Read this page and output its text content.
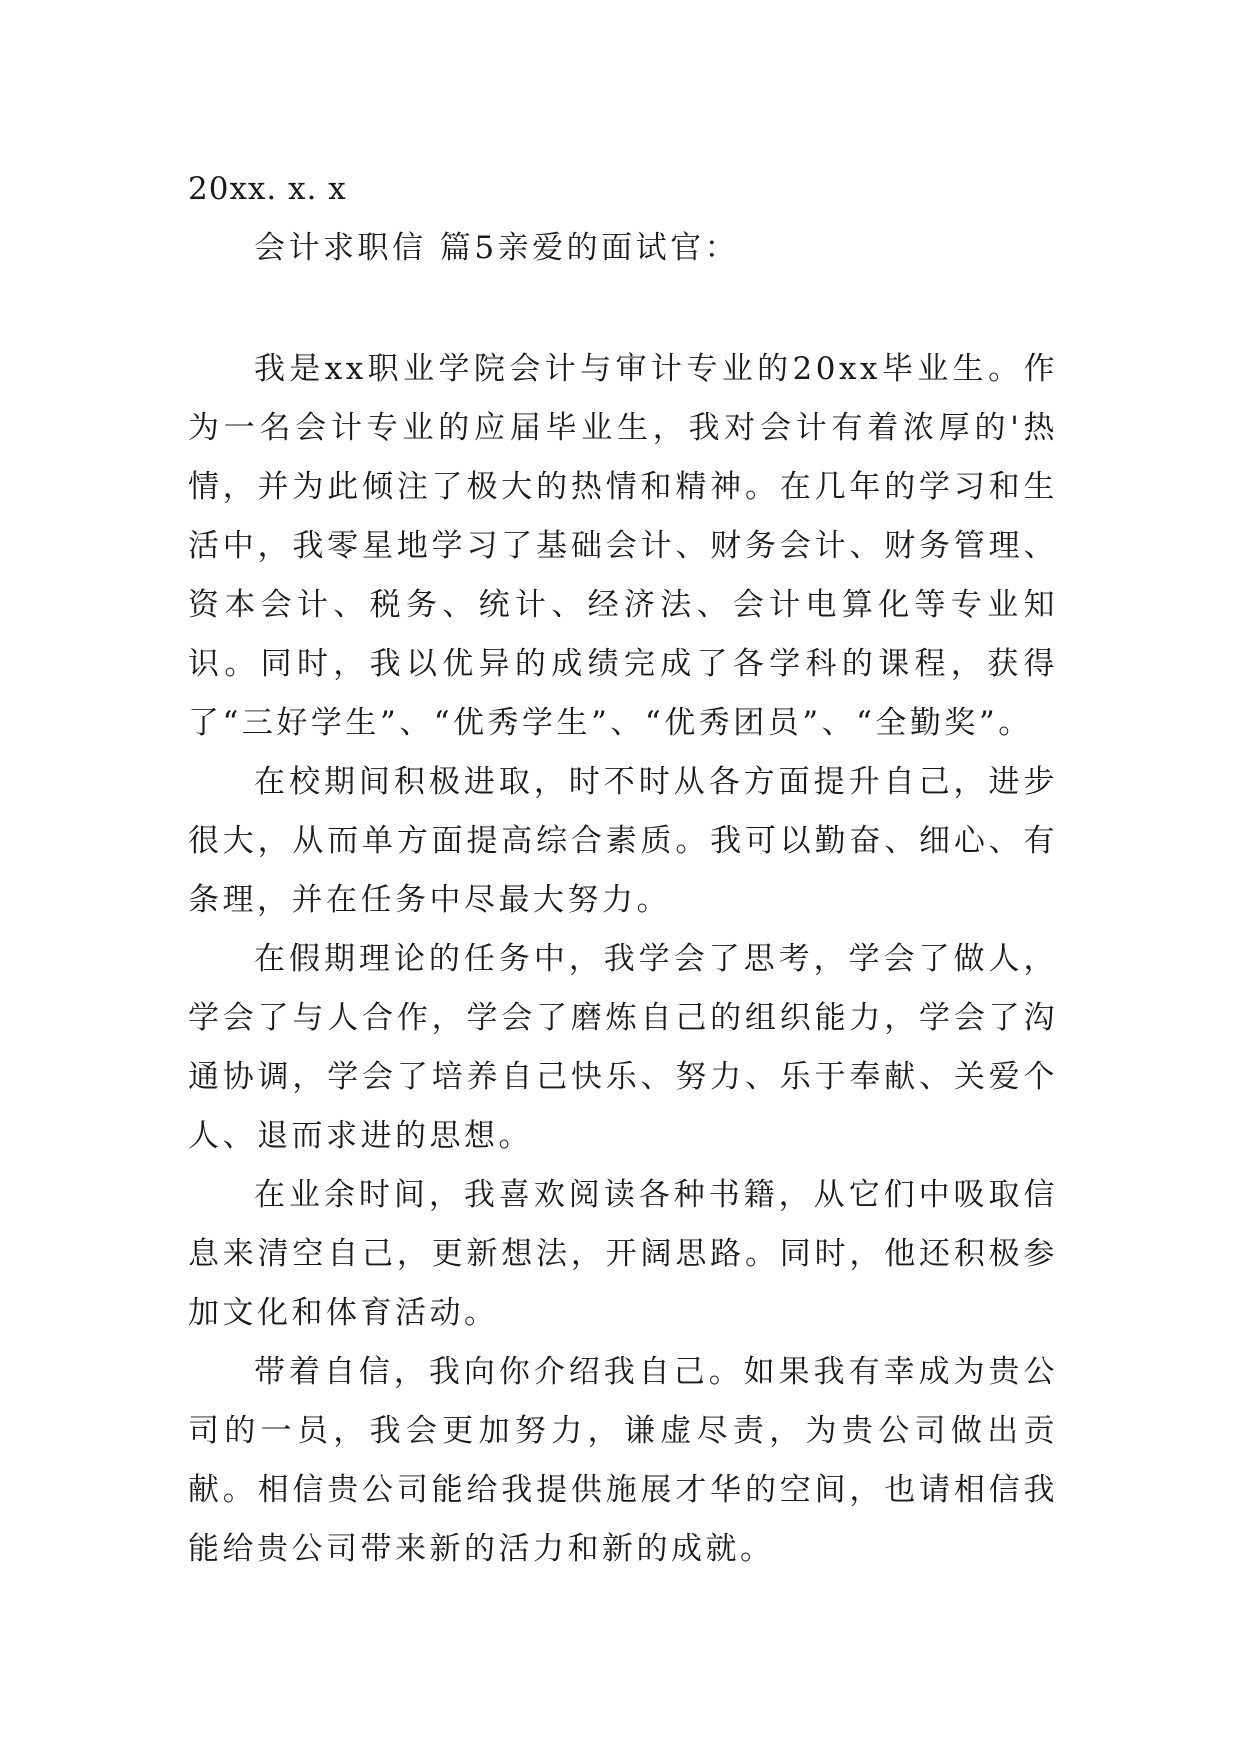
20xx. x. x

会计求职信 篇5亲爱的面试官：

我是xx职业学院会计与审计专业的20xx毕业生。作为一名会计专业的应届毕业生，我对会计有着浓厚的'热情，并为此倾注了极大的热情和精神。在几年的学习和生活中，我零星地学习了基础会计、财务会计、财务管理、资本会计、税务、统计、经济法、会计电算化等专业知识。同时，我以优异的成绩完成了各学科的课程，获得了“三好学生”、“优秀学生”、“优秀团员”、“全勤奖”。

在校期间积极进取，时不时从各方面提升自己，进步很大，从而单方面提高综合素质。我可以勤奋、细心、有条理，并在任务中尽最大努力。

在假期理论的任务中，我学会了思考，学会了做人，学会了与人合作，学会了磨炼自己的组织能力，学会了沟通协调，学会了培养自己快乐、努力、乐于奉献、关爱个人、退而求进的思想。

在业余时间，我喜欢阅读各种书籍，从它们中吸取信息来清空自己，更新想法，开阔思路。同时，他还积极参加文化和体育活动。

带着自信，我向你介绍我自己。如果我有幸成为贵公司的一员，我会更加努力，谦虚尽责，为贵公司做出贡献。相信贵公司能给我提供施展才华的空间，也请相信我能给贵公司带来新的活力和新的成就。
